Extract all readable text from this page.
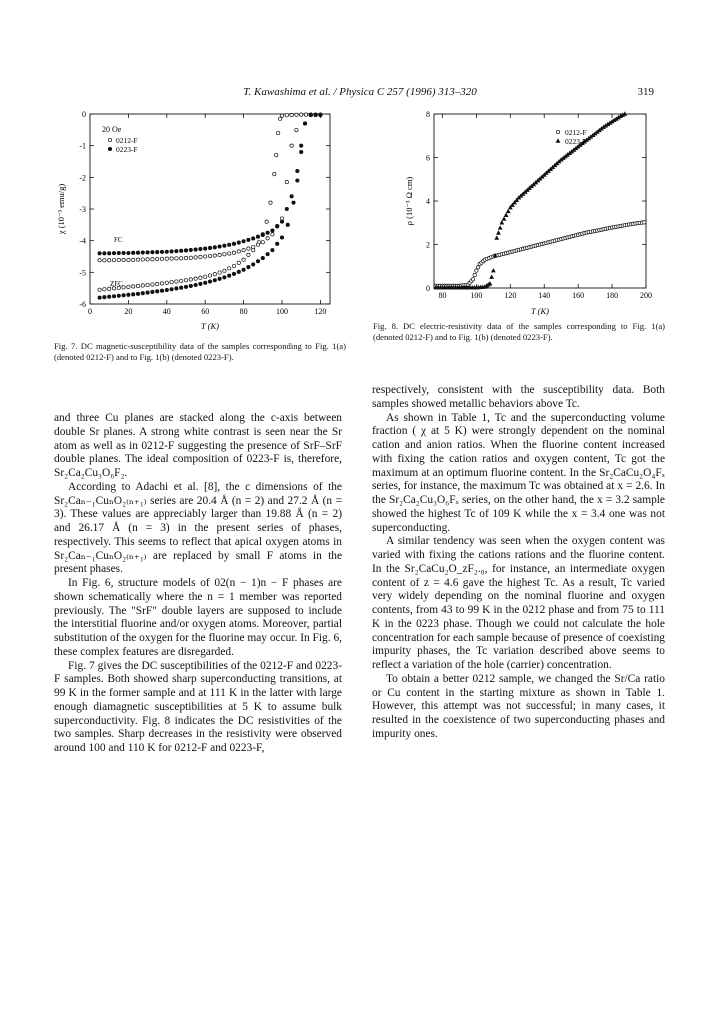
T. Kawashima et al. / Physica C 257 (1996) 313–320	319
0	20	40	60	80	100	120
0
-1
-2
-3
-4
-5
-6
T (K)
χ (10⁻³ emu/g)
20 Oe
FC
ZFC
0212-F
0223-F
Fig. 7. DC magnetic-susceptibility data of the samples corresponding to Fig. 1(a) (denoted 0212-F) and to Fig. 1(b) (denoted 0223-F).
80	100	120	140	160	180	200
0
2
4
6
8
T (K)
ρ (10⁻³ Ω cm)
0212-F
0223-F
Fig. 8. DC electric-resistivity data of the samples corresponding to Fig. 1(a) (denoted 0212-F) and to Fig. 1(b) (denoted 0223-F).

and three Cu planes are stacked along the c-axis between double Sr planes. A strong white contrast is seen near the Sr atom as well as in 0212-F suggesting the presence of SrF–SrF double planes. The ideal composition of 0223-F is, therefore, Sr₂Ca₂Cu₃O₆F₂.

According to Adachi et al. [8], the c dimensions of the Sr₂Caₙ₋₁CuₙO₂₍ₙ₊₁₎ series are 20.4 Å (n = 2) and 27.2 Å (n = 3). These values are appreciably larger than 19.88 Å (n = 2) and 26.17 Å (n = 3) in the present series of phases, respectively. This seems to reflect that apical oxygen atoms in Sr₂Caₙ₋₁CuₙO₂₍ₙ₊₁₎ are replaced by small F atoms in the present phases.

In Fig. 6, structure models of 02(n − 1)n − F phases are shown schematically where the n = 1 member was reported previously. The "SrF" double layers are supposed to include the interstitial fluorine and/or oxygen atoms. Moreover, partial substitution of the oxygen for the fluorine may occur. In Fig. 6, these complex features are disregarded.

Fig. 7 gives the DC susceptibilities of the 0212-F and 0223-F samples. Both showed sharp superconducting transitions, at 99 K in the former sample and at 111 K in the latter with large enough diamagnetic susceptibilities at 5 K to assume bulk superconductivity. Fig. 8 indicates the DC resistivities of the two samples. Sharp decreases in the resistivity were observed around 100 and 110 K for 0212-F and 0223-F,

respectively, consistent with the susceptibility data. Both samples showed metallic behaviors above Tc.

As shown in Table 1, Tc and the superconducting volume fraction ( χ at 5 K) were strongly dependent on the nominal cation and anion ratios. When the fluorine content increased with fixing the cation ratios and oxygen content, Tc got the maximum at an optimum fluorine content. In the Sr₂CaCu₂O₄Fₓ series, for instance, the maximum Tc was obtained at x = 2.6. In the Sr₂Ca₂Cu₃O₆Fₓ series, on the other hand, the x = 3.2 sample showed the highest Tc of 109 K while the x = 3.4 one was not superconducting.

A similar tendency was seen when the oxygen content was varied with fixing the cations rations and the fluorine content. In the Sr₂CaCu₂O_zF₂.₀, for instance, an intermediate oxygen content of z = 4.6 gave the highest Tc. As a result, Tc varied very widely depending on the nominal fluorine and oxygen contents, from 43 to 99 K in the 0212 phase and from 75 to 111 K in the 0223 phase. Though we could not calculate the hole concentration for each sample because of presence of coexisting impurity phases, the Tc variation described above seems to reflect a variation of the hole (carrier) concentration.

To obtain a better 0212 sample, we changed the Sr/Ca ratio or Cu content in the starting mixture as shown in Table 1. However, this attempt was not successful; in many cases, it resulted in the coexistence of two superconducting phases and impurity ones.
